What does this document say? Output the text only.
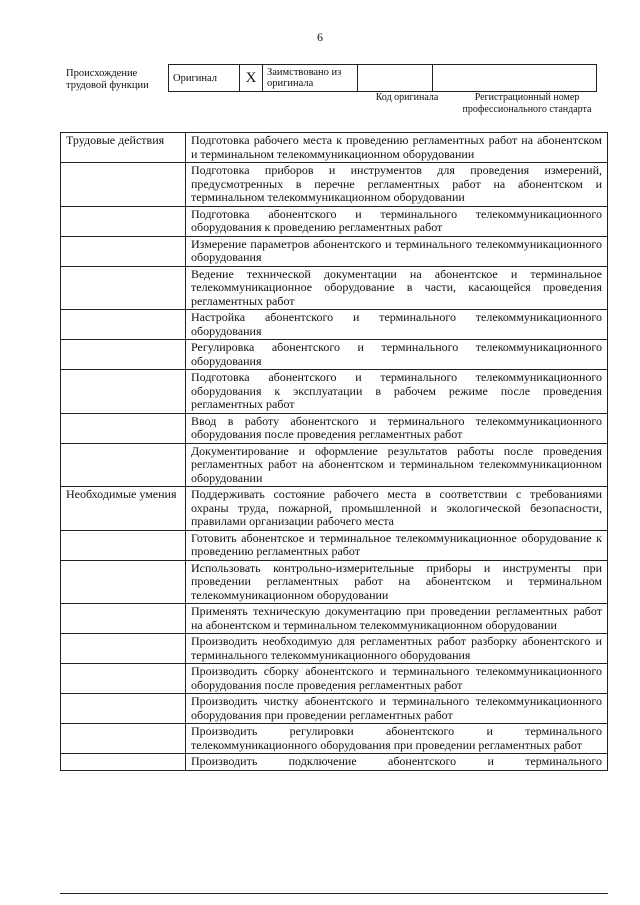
6
Происхождение
трудовой функции
Оригинал	X	Заимствовано из оригинала		
Код оригинала	Регистрационный номер профессионального стандарта
Трудовые действия	Подготовка рабочего места к проведению регламентных работ на абонентском и терминальном телекоммуникационном оборудовании
	Подготовка приборов и инструментов для проведения измерений, предусмотренных в перечне регламентных работ на абонентском и терминальном телекоммуникационном оборудовании
	Подготовка абонентского и терминального телекоммуникационного оборудования к проведению регламентных работ
	Измерение параметров абонентского и терминального телекоммуникационного оборудования
	Ведение технической документации на абонентское и терминальное телекоммуникационное оборудование в части, касающейся проведения регламентных работ
	Настройка абонентского и терминального телекоммуникационного оборудования
	Регулировка абонентского и терминального телекоммуникационного оборудования
	Подготовка абонентского и терминального телекоммуникационного оборудования к эксплуатации в рабочем режиме после проведения регламентных работ
	Ввод в работу абонентского и терминального телекоммуникационного оборудования после проведения регламентных работ
	Документирование и оформление результатов работы после проведения регламентных работ на абонентском и терминальном телекоммуникационном оборудовании
Необходимые умения	Поддерживать состояние рабочего места в соответствии с требованиями охраны труда, пожарной, промышленной и экологической безопасности, правилами организации рабочего места
	Готовить абонентское и терминальное телекоммуникационное оборудование к проведению регламентных работ
	Использовать контрольно-измерительные приборы и инструменты при проведении регламентных работ на абонентском и терминальном телекоммуникационном оборудовании
	Применять техническую документацию при проведении регламентных работ на абонентском и терминальном телекоммуникационном оборудовании
	Производить необходимую для регламентных работ разборку абонентского и терминального телекоммуникационного оборудования
	Производить сборку абонентского и терминального телекоммуникационного оборудования после проведения регламентных работ
	Производить чистку абонентского и терминального телекоммуникационного оборудования при проведении регламентных работ
	Производить регулировки абонентского и терминального телекоммуникационного оборудования при проведении регламентных работ
	Производить подключение абонентского и терминального
